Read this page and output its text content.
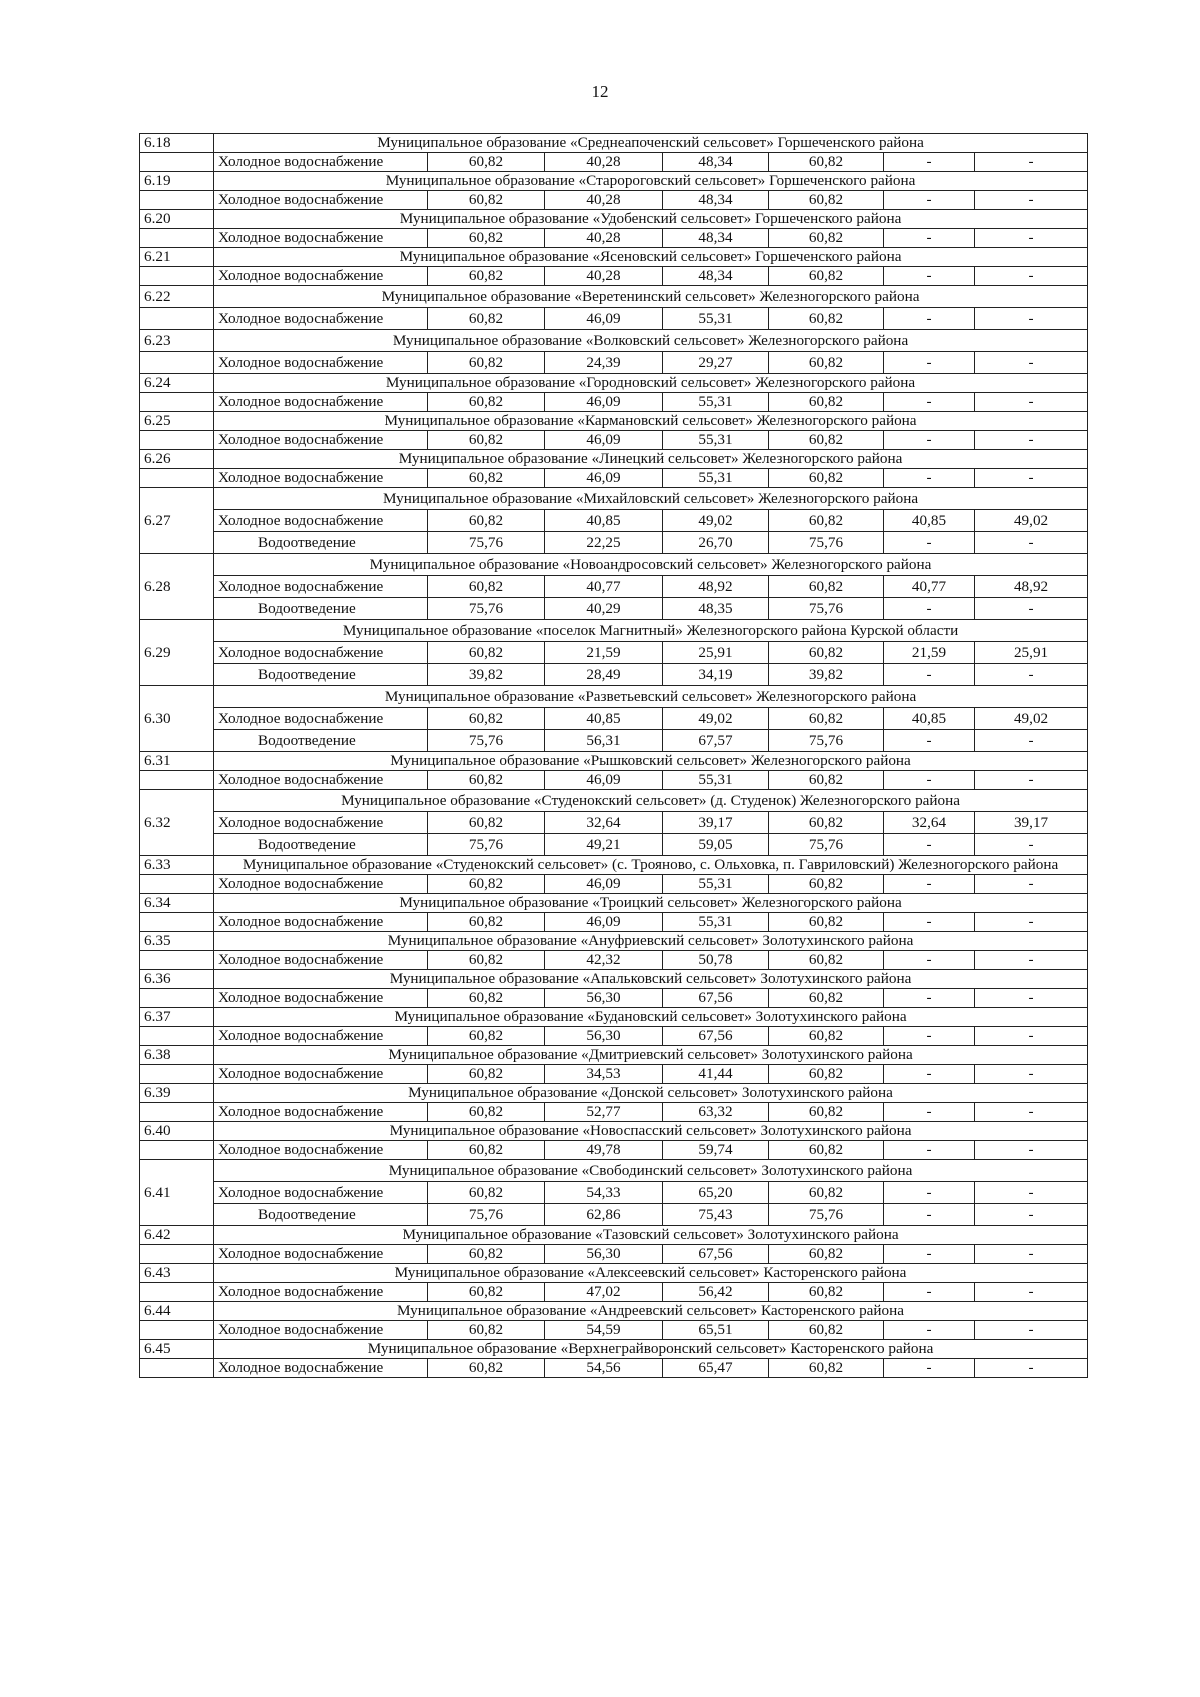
12
6.18	Муниципальное образование «Среднеапоченский сельсовет» Горшеченского района						
	Холодное водоснабжение	60,82	40,28	48,34	60,82	-	-
6.19	Муниципальное образование «Старороговский сельсовет» Горшеченского района						
	Холодное водоснабжение	60,82	40,28	48,34	60,82	-	-
6.20	Муниципальное образование «Удобенский сельсовет» Горшеченского района						
	Холодное водоснабжение	60,82	40,28	48,34	60,82	-	-
6.21	Муниципальное образование «Ясеновский сельсовет» Горшеченского района						
	Холодное водоснабжение	60,82	40,28	48,34	60,82	-	-
6.22	Муниципальное образование «Веретенинский сельсовет» Железногорского района						
	Холодное водоснабжение	60,82	46,09	55,31	60,82	-	-
6.23	Муниципальное образование «Волковский сельсовет» Железногорского района						
	Холодное водоснабжение	60,82	24,39	29,27	60,82	-	-
6.24	Муниципальное образование «Городновский сельсовет» Железногорского района						
	Холодное водоснабжение	60,82	46,09	55,31	60,82	-	-
6.25	Муниципальное образование «Кармановский сельсовет» Железногорского района						
	Холодное водоснабжение	60,82	46,09	55,31	60,82	-	-
6.26	Муниципальное образование «Линецкий сельсовет» Железногорского района						
	Холодное водоснабжение	60,82	46,09	55,31	60,82	-	-
6.27	Муниципальное образование «Михайловский сельсовет» Железногорского района						
	Холодное водоснабжение	60,82	40,85	49,02	60,82	40,85	49,02
	Водоотведение	75,76	22,25	26,70	75,76	-	-
6.28	Муниципальное образование «Новоандросовский сельсовет» Железногорского района						
	Холодное водоснабжение	60,82	40,77	48,92	60,82	40,77	48,92
	Водоотведение	75,76	40,29	48,35	75,76	-	-
6.29	Муниципальное образование «поселок Магнитный» Железногорского района Курской области						
	Холодное водоснабжение	60,82	21,59	25,91	60,82	21,59	25,91
	Водоотведение	39,82	28,49	34,19	39,82	-	-
6.30	Муниципальное образование «Разветьевский сельсовет» Железногорского района						
	Холодное водоснабжение	60,82	40,85	49,02	60,82	40,85	49,02
	Водоотведение	75,76	56,31	67,57	75,76	-	-
6.31	Муниципальное образование «Рышковский сельсовет» Железногорского района						
	Холодное водоснабжение	60,82	46,09	55,31	60,82	-	-
6.32	Муниципальное образование «Студенокский сельсовет» (д. Студенок) Железногорского района						
	Холодное водоснабжение	60,82	32,64	39,17	60,82	32,64	39,17
	Водоотведение	75,76	49,21	59,05	75,76	-	-
6.33	Муниципальное образование «Студенокский сельсовет» (с. Трояново, с. Ольховка, п. Гавриловский) Железногорского района						
	Холодное водоснабжение	60,82	46,09	55,31	60,82	-	-
6.34	Муниципальное образование «Троицкий сельсовет» Железногорского района						
	Холодное водоснабжение	60,82	46,09	55,31	60,82	-	-
6.35	Муниципальное образование «Ануфриевский сельсовет» Золотухинского района						
	Холодное водоснабжение	60,82	42,32	50,78	60,82	-	-
6.36	Муниципальное образование «Апальковский сельсовет» Золотухинского района						
	Холодное водоснабжение	60,82	56,30	67,56	60,82	-	-
6.37	Муниципальное образование «Будановский сельсовет» Золотухинского района						
	Холодное водоснабжение	60,82	56,30	67,56	60,82	-	-
6.38	Муниципальное образование «Дмитриевский сельсовет» Золотухинского района						
	Холодное водоснабжение	60,82	34,53	41,44	60,82	-	-
6.39	Муниципальное образование «Донской сельсовет» Золотухинского района						
	Холодное водоснабжение	60,82	52,77	63,32	60,82	-	-
6.40	Муниципальное образование «Новоспасский сельсовет» Золотухинского района						
	Холодное водоснабжение	60,82	49,78	59,74	60,82	-	-
6.41	Муниципальное образование «Свободинский сельсовет» Золотухинского района						
	Холодное водоснабжение	60,82	54,33	65,20	60,82	-	-
	Водоотведение	75,76	62,86	75,43	75,76	-	-
6.42	Муниципальное образование «Тазовский сельсовет» Золотухинского района						
	Холодное водоснабжение	60,82	56,30	67,56	60,82	-	-
6.43	Муниципальное образование «Алексеевский сельсовет» Касторенского района						
	Холодное водоснабжение	60,82	47,02	56,42	60,82	-	-
6.44	Муниципальное образование «Андреевский сельсовет» Касторенского района						
	Холодное водоснабжение	60,82	54,59	65,51	60,82	-	-
6.45	Муниципальное образование «Верхнеграйворонский сельсовет» Касторенского района						
	Холодное водоснабжение	60,82	54,56	65,47	60,82	-	-
